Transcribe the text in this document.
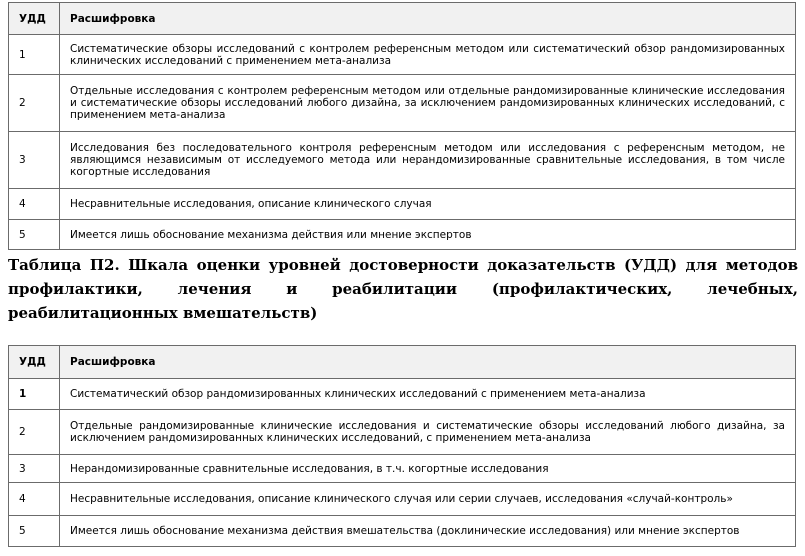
УДД	Расшифровка
1	Систематические обзоры исследований с контролем референсным методом или систематический обзор рандомизированных клинических исследований с применением мета-анализа
2	Отдельные исследования с контролем референсным методом или отдельные рандомизированные клинические исследования и систематические обзоры исследований любого дизайна, за исключением рандомизированных клинических исследований, с применением мета-анализа
3	Исследования без последовательного контроля референсным методом или исследования с референсным методом, не являющимся независимым от исследуемого метода или нерандомизированные сравнительные исследования, в том числе когортные исследования
4	Несравнительные исследования, описание клинического случая
5	Имеется лишь обоснование механизма действия или мнение экспертов

Таблица П2. Шкала оценки уровней достоверности доказательств (УДД) для методов профилактики, лечения и реабилитации (профилактических, лечебных, реабилитационных вмешательств)

УДД	Расшифровка
1	Систематический обзор рандомизированных клинических исследований с применением мета-анализа
2	Отдельные рандомизированные клинические исследования и систематические обзоры исследований любого дизайна, за исключением рандомизированных клинических исследований, с применением мета-анализа
3	Нерандомизированные сравнительные исследования, в т.ч. когортные исследования
4	Несравнительные исследования, описание клинического случая или серии случаев, исследования «случай-контроль»
5	Имеется лишь обоснование механизма действия вмешательства (доклинические исследования) или мнение экспертов
